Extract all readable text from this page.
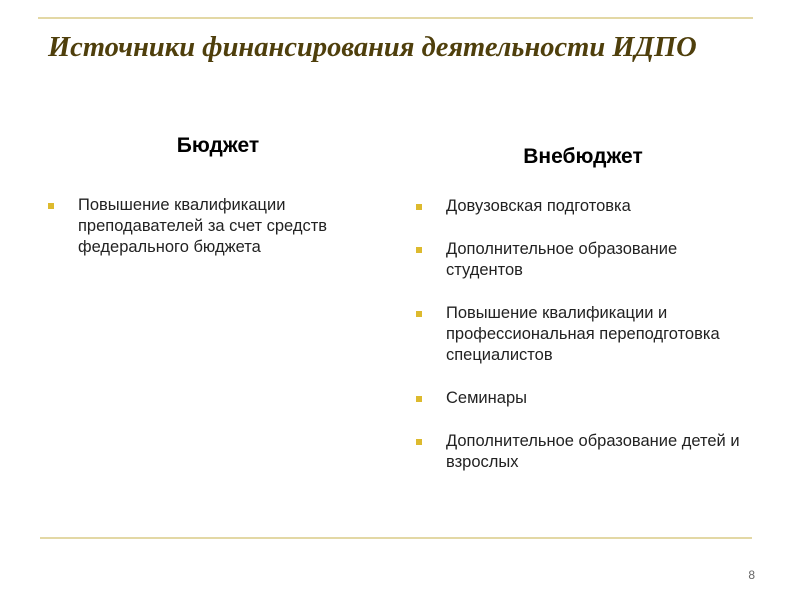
Источники финансирования деятельности ИДПО
Бюджет	Внебюджет
Повышение квалификации преподавателей за счет средств федерального бюджета
Довузовская подготовка
Дополнительное образование студентов
Повышение квалификации и профессиональная переподготовка специалистов
Семинары
Дополнительное образование детей и взрослых
8
